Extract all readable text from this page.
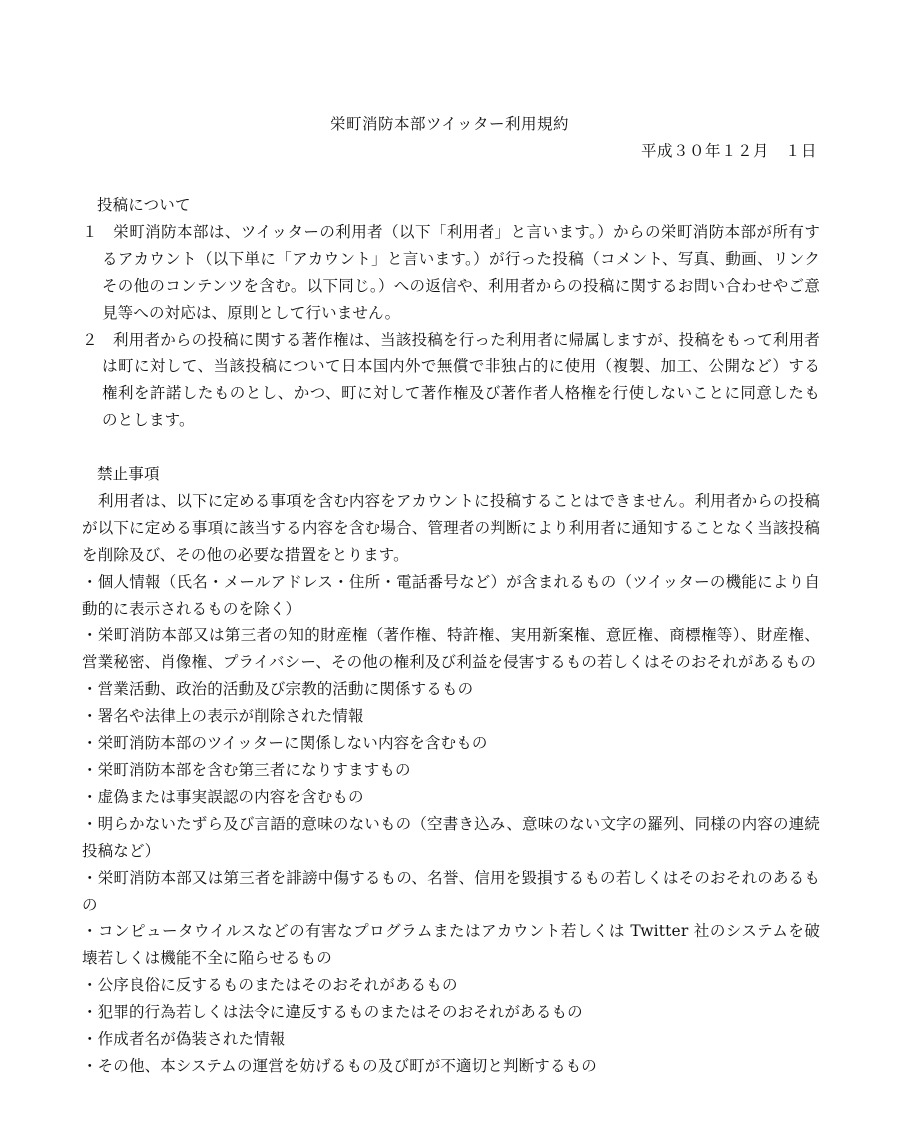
栄町消防本部ツイッター利用規約
平成３０年１２月　１日

投稿について

１ 栄町消防本部は、ツイッターの利用者（以下「利用者」と言います。）からの栄町消防本部が所有するアカウント（以下単に「アカウント」と言います。）が行った投稿（コメント、写真、動画、リンクその他のコンテンツを含む。以下同じ。）への返信や、利用者からの投稿に関するお問い合わせやご意見等への対応は、原則として行いません。

２ 利用者からの投稿に関する著作権は、当該投稿を行った利用者に帰属しますが、投稿をもって利用者は町に対して、当該投稿について日本国内外で無償で非独占的に使用（複製、加工、公開など）する権利を許諾したものとし、かつ、町に対して著作権及び著作者人格権を行使しないことに同意したものとします。

禁止事項

利用者は、以下に定める事項を含む内容をアカウントに投稿することはできません。利用者からの投稿が以下に定める事項に該当する内容を含む場合、管理者の判断により利用者に通知することなく当該投稿を削除及び、その他の必要な措置をとります。

・個人情報（氏名・メールアドレス・住所・電話番号など）が含まれるもの（ツイッターの機能により自動的に表示されるものを除く）
・栄町消防本部又は第三者の知的財産権（著作権、特許権、実用新案権、意匠権、商標権等）、財産権、営業秘密、肖像権、プライバシー、その他の権利及び利益を侵害するもの若しくはそのおそれがあるもの
・営業活動、政治的活動及び宗教的活動に関係するもの
・署名や法律上の表示が削除された情報
・栄町消防本部のツイッターに関係しない内容を含むもの
・栄町消防本部を含む第三者になりすますもの
・虚偽または事実誤認の内容を含むもの
・明らかないたずら及び言語的意味のないもの（空書き込み、意味のない文字の羅列、同様の内容の連続投稿など）
・栄町消防本部又は第三者を誹謗中傷するもの、名誉、信用を毀損するもの若しくはそのおそれのあるもの
・コンピュータウイルスなどの有害なプログラムまたはアカウント若しくは Twitter 社のシステムを破壊若しくは機能不全に陥らせるもの
・公序良俗に反するものまたはそのおそれがあるもの
・犯罪的行為若しくは法令に違反するものまたはそのおそれがあるもの
・作成者名が偽装された情報
・その他、本システムの運営を妨げるもの及び町が不適切と判断するもの
